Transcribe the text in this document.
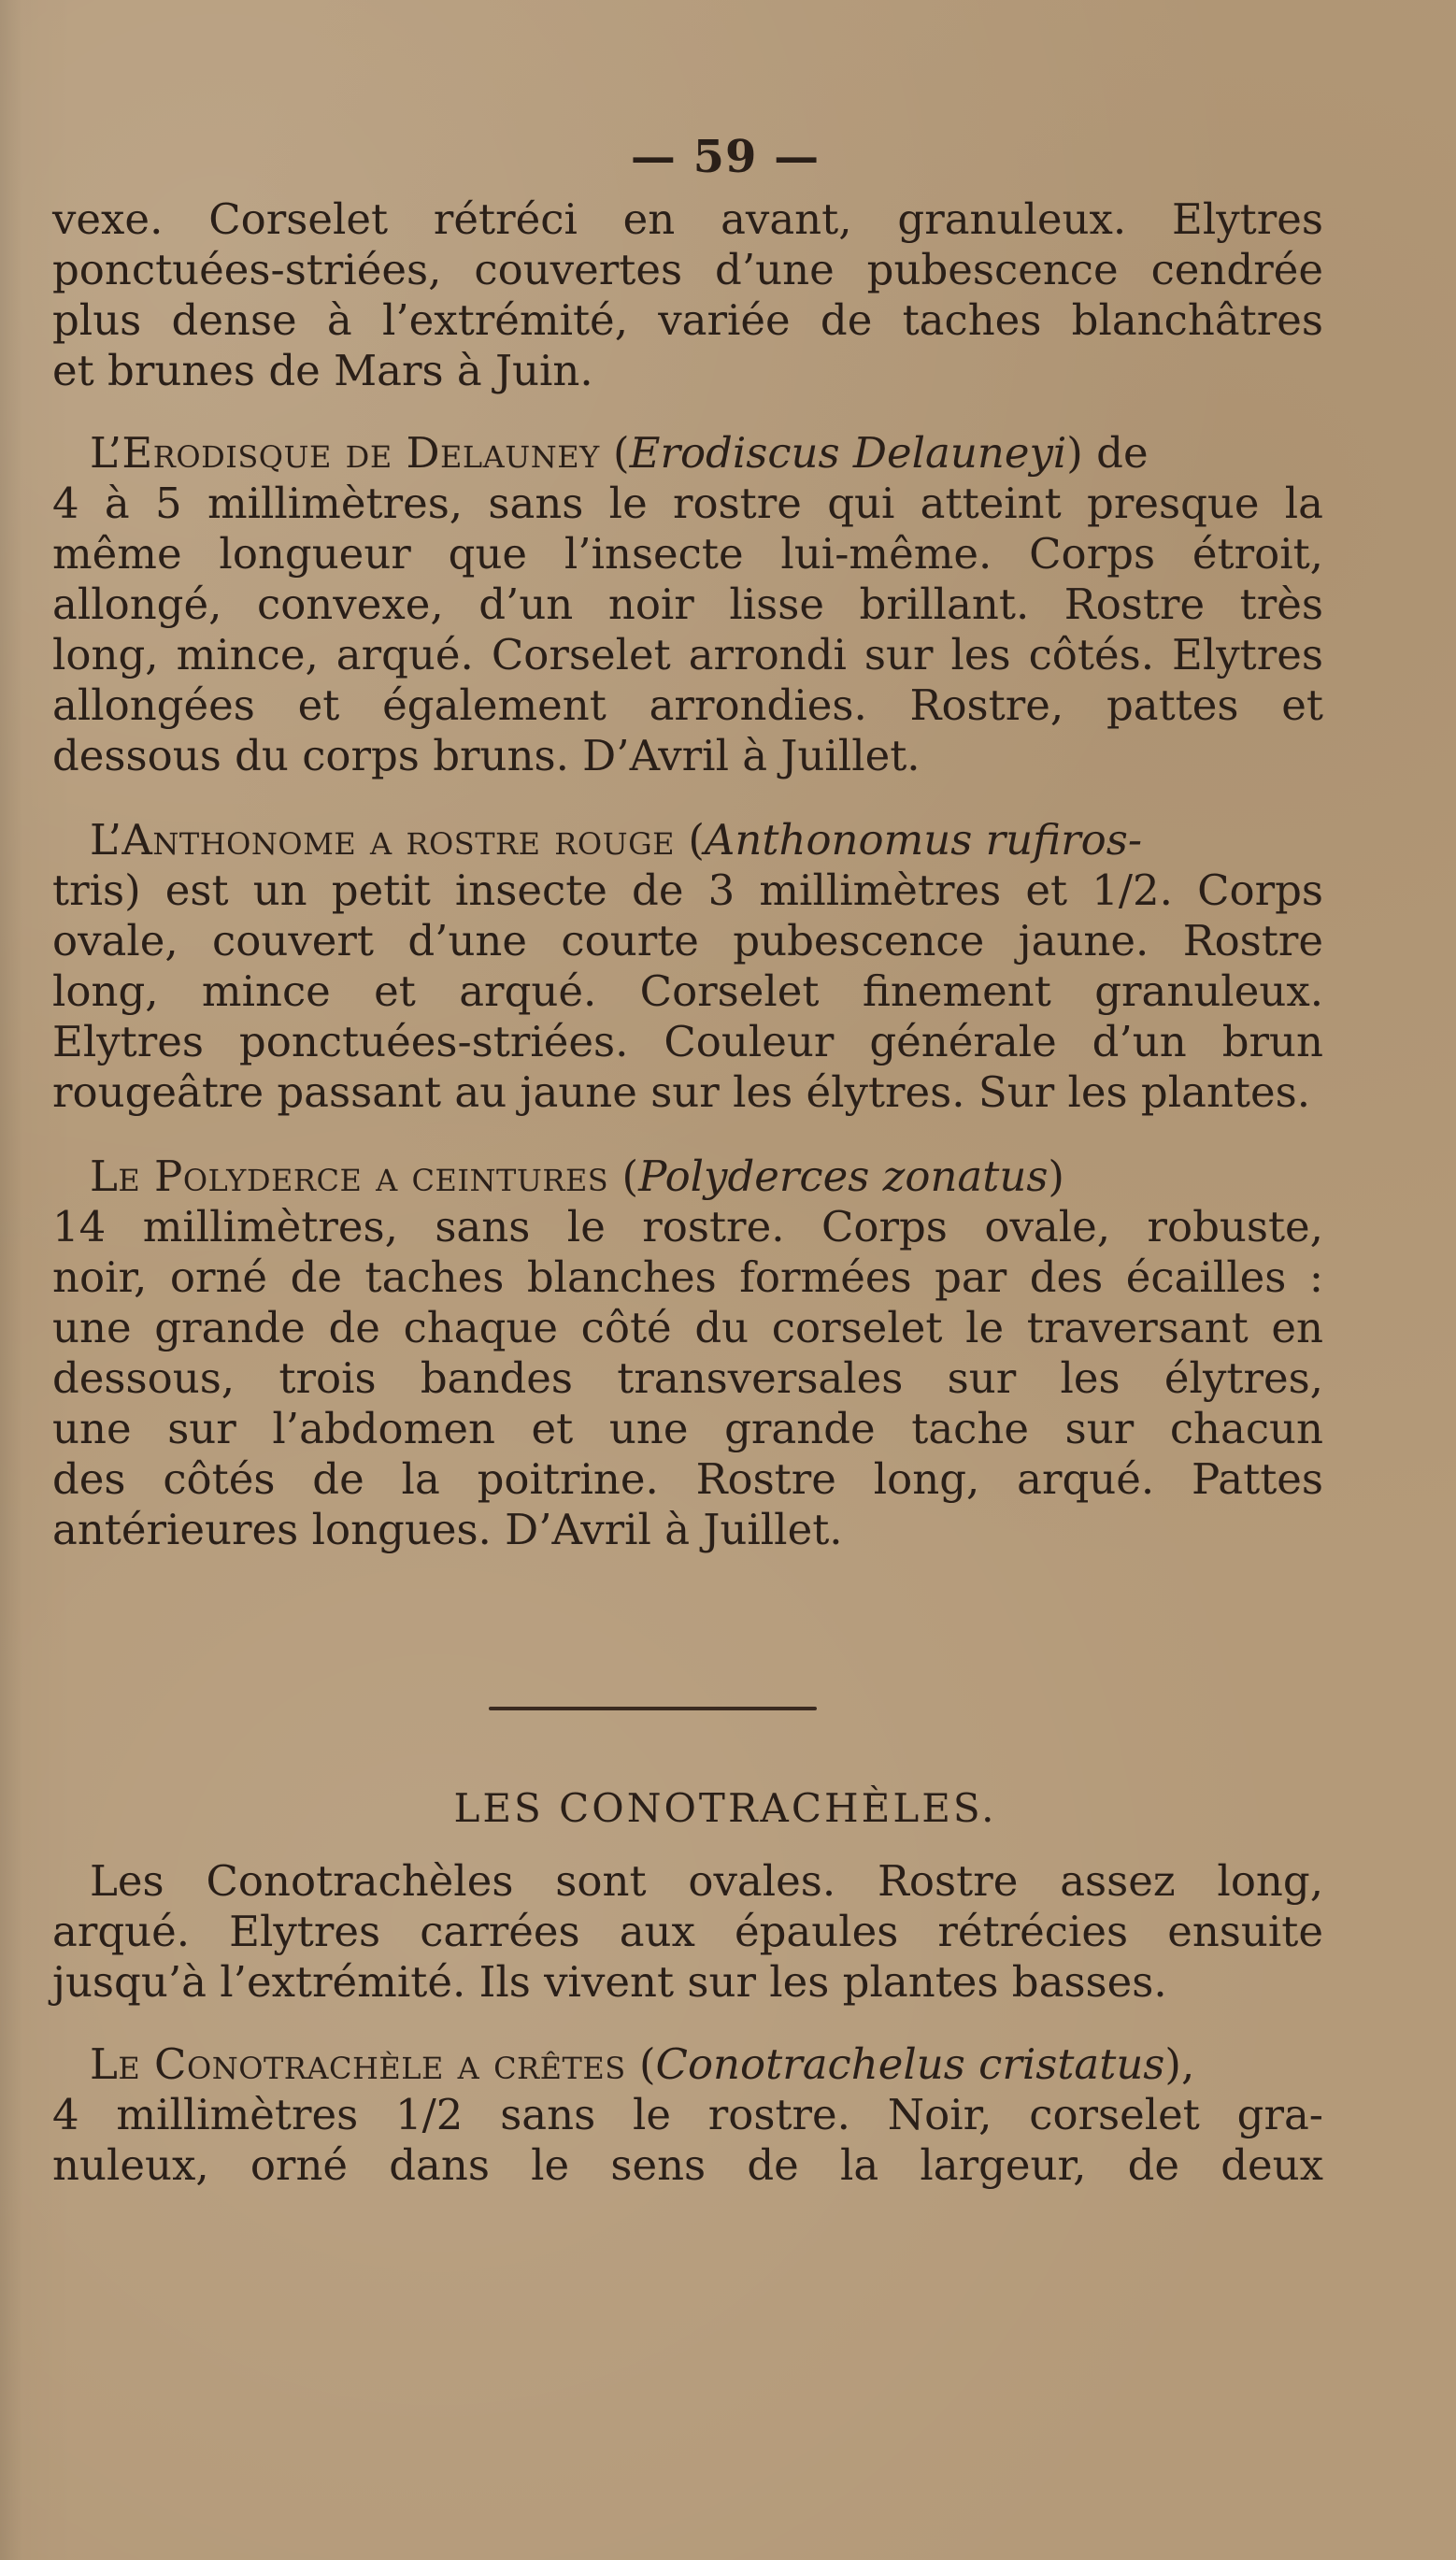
— 59 —
vexe. Corselet rétréci en avant, granuleux. Elytres
ponctuées-striées, couvertes d’une pubescence cendrée
plus dense à l’extrémité, variée de taches blanchâtres
et brunes de Mars à Juin.
L’Erodisque de Delauney (Erodiscus Delauneyi) de
4 à 5 millimètres, sans le rostre qui atteint presque la
même longueur que l’insecte lui-même. Corps étroit,
allongé, convexe, d’un noir lisse brillant. Rostre très
long, mince, arqué. Corselet arrondi sur les côtés. Elytres
allongées et également arrondies. Rostre, pattes et
dessous du corps bruns. D’Avril à Juillet.
L’Anthonome a rostre rouge (Anthonomus rufiros-
tris) est un petit insecte de 3 millimètres et 1/2. Corps
ovale, couvert d’une courte pubescence jaune. Rostre
long, mince et arqué. Corselet finement granuleux.
Elytres ponctuées-striées. Couleur générale d’un brun
rougeâtre passant au jaune sur les élytres. Sur les plantes.
Le Polyderce a ceintures (Polyderces zonatus)
14 millimètres, sans le rostre. Corps ovale, robuste,
noir, orné de taches blanches formées par des écailles :
une grande de chaque côté du corselet le traversant en
dessous, trois bandes transversales sur les élytres,
une sur l’abdomen et une grande tache sur chacun
des côtés de la poitrine. Rostre long, arqué. Pattes
antérieures longues. D’Avril à Juillet.
LES CONOTRACHÈLES.
Les Conotrachèles sont ovales. Rostre assez long,
arqué. Elytres carrées aux épaules rétrécies ensuite
jusqu’à l’extrémité. Ils vivent sur les plantes basses.
Le Conotrachèle a crêtes (Conotrachelus cristatus),
4 millimètres 1/2 sans le rostre. Noir, corselet gra-
nuleux, orné dans le sens de la largeur, de deux
